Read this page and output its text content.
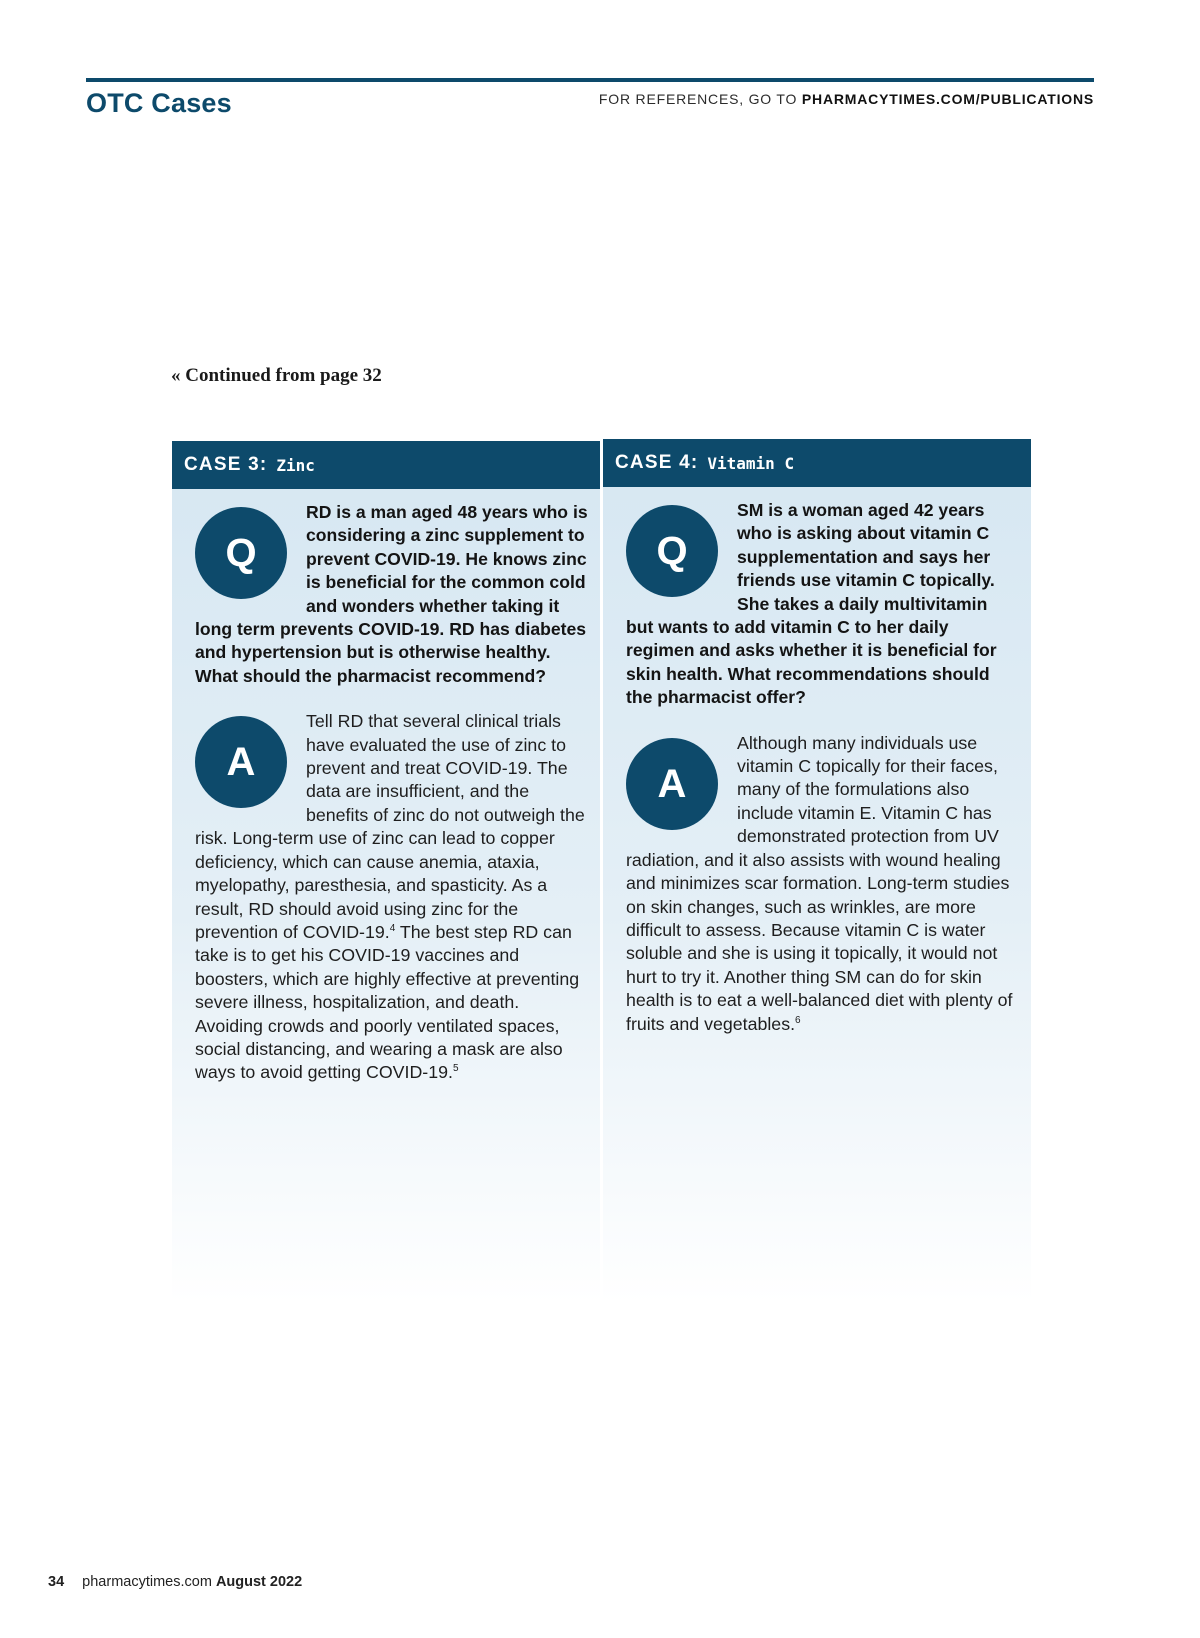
OTC Cases	FOR REFERENCES, GO TO PHARMACYTIMES.COM/PUBLICATIONS
« Continued from page 32
CASE 3: Zinc
Q

RD is a man aged 48 years who is considering a zinc supplement to prevent COVID-19. He knows zinc is beneficial for the common cold and wonders whether taking it long term prevents COVID-19. RD has diabetes and hypertension but is otherwise healthy. What should the pharmacist recommend?

A

Tell RD that several clinical trials have evaluated the use of zinc to prevent and treat COVID-19. The data are insufficient, and the benefits of zinc do not outweigh the risk. Long-term use of zinc can lead to copper deficiency, which can cause anemia, ataxia, myelopathy, paresthesia, and spasticity. As a result, RD should avoid using zinc for the prevention of COVID-19.$^4$ The best step RD can take is to get his COVID-19 vaccines and boosters, which are highly effective at preventing severe illness, hospitalization, and death. Avoiding crowds and poorly ventilated spaces, social distancing, and wearing a mask are also ways to avoid getting COVID-19.$^5$

CASE 4: Vitamin C
Q

SM is a woman aged 42 years who is asking about vitamin C supplementation and says her friends use vitamin C topically. She takes a daily multivitamin but wants to add vitamin C to her daily regimen and asks whether it is beneficial for skin health. What recommendations should the pharmacist offer?

A

Although many individuals use vitamin C topically for their faces, many of the formulations also include vitamin E. Vitamin C has demonstrated protection from UV radiation, and it also assists with wound healing and minimizes scar formation. Long-term studies on skin changes, such as wrinkles, are more difficult to assess. Because vitamin C is water soluble and she is using it topically, it would not hurt to try it. Another thing SM can do for skin health is to eat a well-balanced diet with plenty of fruits and vegetables.$^6$

34 pharmacytimes.com August 2022
